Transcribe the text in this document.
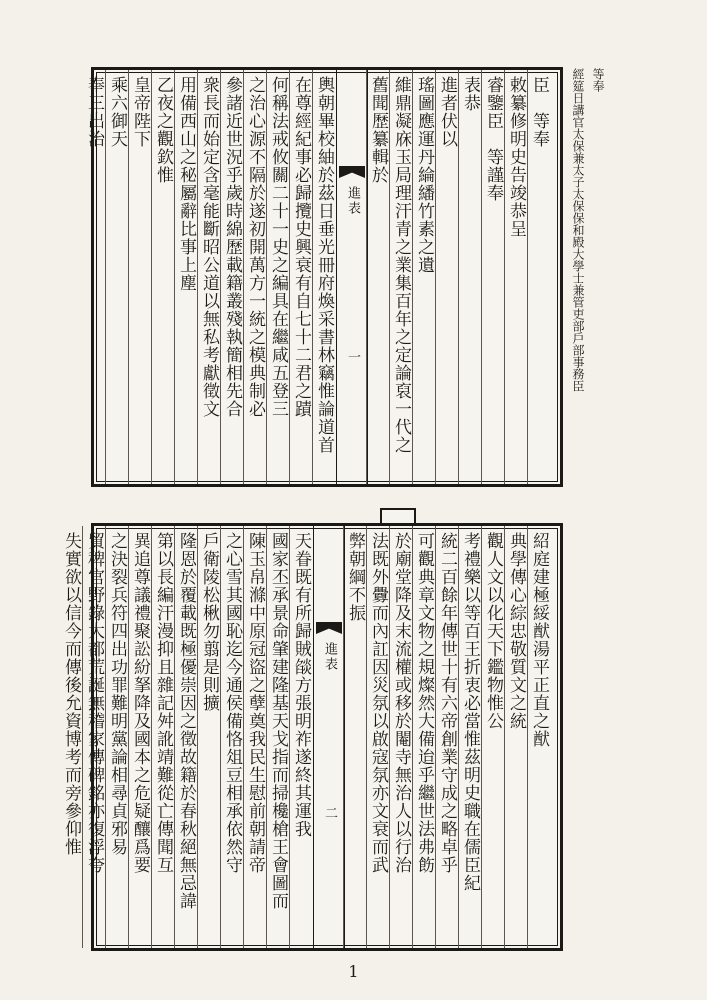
經筵日講官太保兼太子太保保和殿大學士兼管吏部戶部事務臣 等奉
臣　等奉
敕纂修明史告竣恭呈
睿鑒臣　等謹奉
表恭
進者伏以
瑤圖應運丹綸繙竹素之遺
維鼎凝庥玉局理汗青之業集百年之定論裒一代之
舊聞歷纂輯於
進表
一
輿朝畢校紬於茲日垂光冊府煥采書林竊惟論道首
在尊經紀事必歸攬史興衰有自七十二君之蹟
何稱法戒攸關二十一史之編具在繼咸五登三
之治心源不隔於遂初開萬方一統之模典制必
參諸近世況乎歲時綿歷載籍叢殘執簡相先合
衆長而始定含毫能斷昭公道以無私考獻徵文
用備西山之秘屬辭比事上塵
乙夜之觀欽惟
皇帝陛下
乘六御天
奉三出治
紹庭建極綏猷湯平正直之猷
典學傳心綜忠敬質文之統
觀人文以化天下鑑物惟公
考禮樂以等百王折衷必當惟茲明史職在儒臣紀
統二百餘年傳世十有六帝創業守成之略卓乎
可觀典章文物之規燦然大備迨乎繼世法弗飭
於廟堂降及末流權或移於閹寺無治人以行治
法既外釁而內訌因災氛以啟寇氛亦文衰而武
弊朝綱不振
進表
二
天眷既有所歸賊燄方張明祚遂終其運我
國家丕承景命肇建隆基天戈指而掃欃槍王會圖而
陳玉帛滌中原冠盜之孽奠我民生慰前朝請帝
之心雪其國恥迄今通侯備恪俎豆相承依然守
戶衛陵松楸勿翦是則擴
隆恩於覆載既極優崇因之徵故籍於春秋絕無忌諱
第以長編汗漫抑且雜記舛訛靖難從亡傳聞互
異追尊議禮聚訟紛拏降及國本之危疑釀爲要
之決裂兵符四出功罪難明黨論相尋貞邪易
貿稗官野錄大都荒誕無稽家傳碑銘亦復浮夸
失實欲以信今而傳後允資博考而旁參仰惟
1
